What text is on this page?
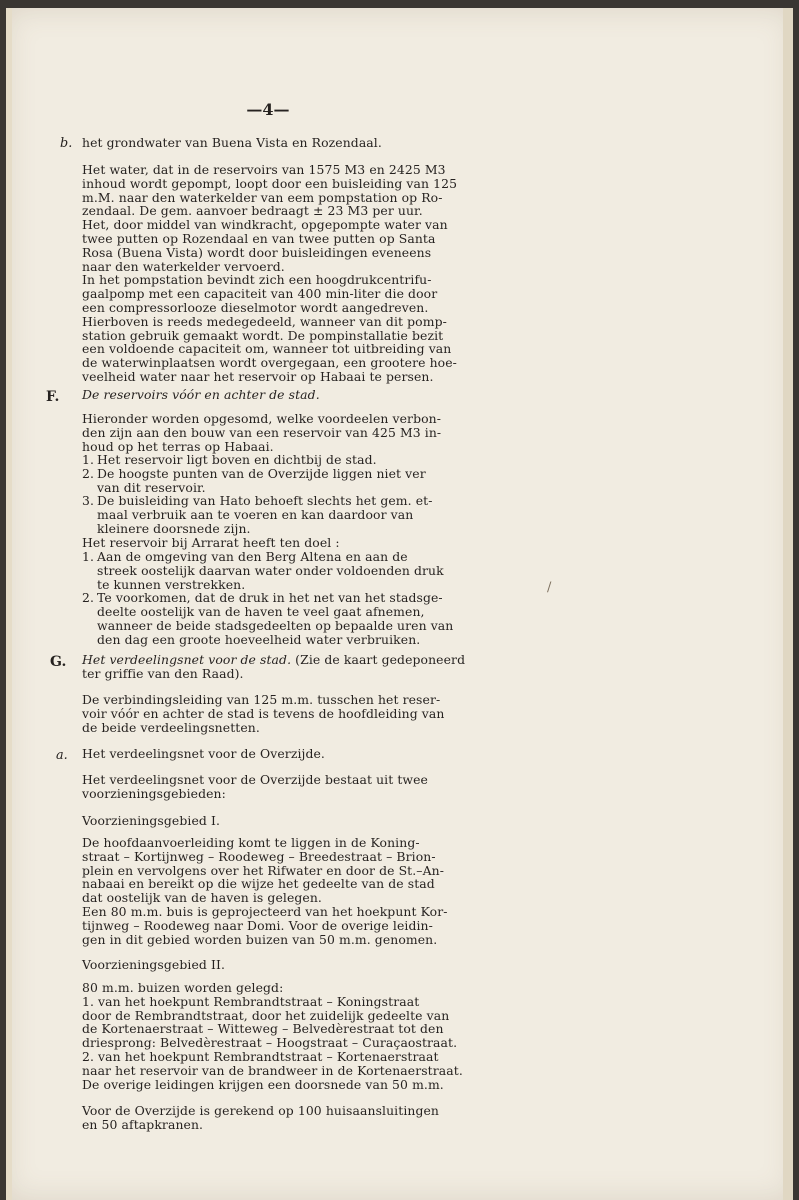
—4—
b. het grondwater van Buena Vista en Rozendaal.
Het water, dat in de reservoirs van 1575 M3 en 2425 M3
inhoud wordt gepompt, loopt door een buisleiding van 125
m.M. naar den waterkelder van eem pompstation op Ro-
zendaal. De gem. aanvoer bedraagt ± 23 M3 per uur.
Het, door middel van windkracht, opgepompte water van
twee putten op Rozendaal en van twee putten op Santa
Rosa (Buena Vista) wordt door buisleidingen eveneens
naar den waterkelder vervoerd.
In het pompstation bevindt zich een hoogdrukcentrifu-
gaalpomp met een capaciteit van 400 min-liter die door
een compressorlooze dieselmotor wordt aangedreven.
Hierboven is reeds medegedeeld, wanneer van dit pomp-
station gebruik gemaakt wordt. De pompinstallatie bezit
een voldoende capaciteit om, wanneer tot uitbreiding van
de waterwinplaatsen wordt overgegaan, een grootere hoe-
veelheid water naar het reservoir op Habaai te persen.
F. De reservoirs vóór en achter de stad.
Hieronder worden opgesomd, welke voordeelen verbon-
den zijn aan den bouw van een reservoir van 425 M3 in-
houd op het terras op Habaai.
1. Het reservoir ligt boven en dichtbij de stad.
2. De hoogste punten van de Overzijde liggen niet ver
van dit reservoir.
3. De buisleiding van Hato behoeft slechts het gem. et-
maal verbruik aan te voeren en kan daardoor van
kleinere doorsnede zijn.
Het reservoir bij Arrarat heeft ten doel :
1. Aan de omgeving van den Berg Altena en aan de
streek oostelijk daarvan water onder voldoenden druk
te kunnen verstrekken.
2. Te voorkomen, dat de druk in het net van het stadsge-
deelte oostelijk van de haven te veel gaat afnemen,
wanneer de beide stadsgedeelten op bepaalde uren van
den dag een groote hoeveelheid water verbruiken.
G. Het verdeelingsnet voor de stad. (Zie de kaart gedeponeerd
ter griffie van den Raad).
De verbindingsleiding van 125 m.m. tusschen het reser-
voir vóór en achter de stad is tevens de hoofdleiding van
de beide verdeelingsnetten.
a. Het verdeelingsnet voor de Overzijde.
Het verdeelingsnet voor de Overzijde bestaat uit twee
voorzieningsgebieden:
Voorzieningsgebied I.
De hoofdaanvoerleiding komt te liggen in de Koning-
straat – Kortijnweg – Roodeweg – Breedestraat – Brion-
plein en vervolgens over het Rifwater en door de St.–An-
nabaai en bereikt op die wijze het gedeelte van de stad
dat oostelijk van de haven is gelegen.
Een 80 m.m. buis is geprojecteerd van het hoekpunt Kor-
tijnweg – Roodeweg naar Domi. Voor de overige leidin-
gen in dit gebied worden buizen van 50 m.m. genomen.
Voorzieningsgebied II.
80 m.m. buizen worden gelegd:
1. van het hoekpunt Rembrandtstraat – Koningstraat
door de Rembrandtstraat, door het zuidelijk gedeelte van
de Kortenaerstraat – Witteweg – Belvedèrestraat tot den
driesprong: Belvedèrestraat – Hoogstraat – Curaçaostraat.
2. van het hoekpunt Rembrandtstraat – Kortenaerstraat
naar het reservoir van de brandweer in de Kortenaerstraat.
De overige leidingen krijgen een doorsnede van 50 m.m.
Voor de Overzijde is gerekend op 100 huisaansluitingen
en 50 aftapkranen.
/
